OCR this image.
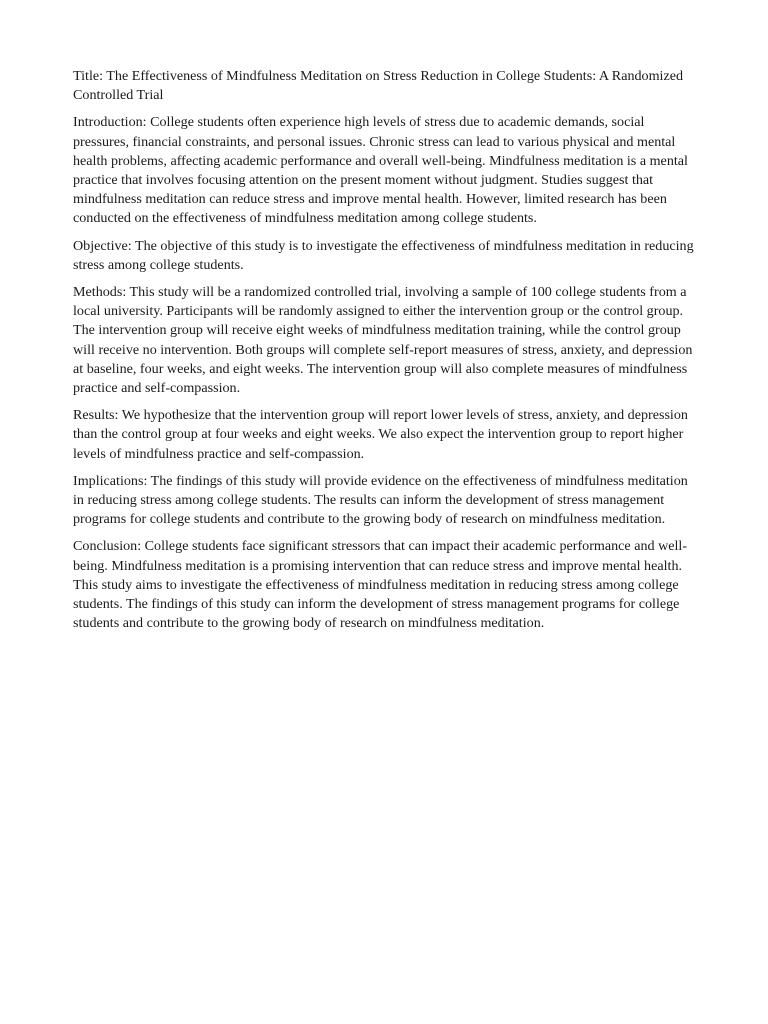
Title: The Effectiveness of Mindfulness Meditation on Stress Reduction in College Students: A Randomized Controlled Trial

Introduction: College students often experience high levels of stress due to academic demands, social pressures, financial constraints, and personal issues. Chronic stress can lead to various physical and mental health problems, affecting academic performance and overall well-being. Mindfulness meditation is a mental practice that involves focusing attention on the present moment without judgment. Studies suggest that mindfulness meditation can reduce stress and improve mental health. However, limited research has been conducted on the effectiveness of mindfulness meditation among college students.

Objective: The objective of this study is to investigate the effectiveness of mindfulness meditation in reducing stress among college students.

Methods: This study will be a randomized controlled trial, involving a sample of 100 college students from a local university. Participants will be randomly assigned to either the intervention group or the control group. The intervention group will receive eight weeks of mindfulness meditation training, while the control group will receive no intervention. Both groups will complete self-report measures of stress, anxiety, and depression at baseline, four weeks, and eight weeks. The intervention group will also complete measures of mindfulness practice and self-compassion.

Results: We hypothesize that the intervention group will report lower levels of stress, anxiety, and depression than the control group at four weeks and eight weeks. We also expect the intervention group to report higher levels of mindfulness practice and self-compassion.

Implications: The findings of this study will provide evidence on the effectiveness of mindfulness meditation in reducing stress among college students. The results can inform the development of stress management programs for college students and contribute to the growing body of research on mindfulness meditation.

Conclusion: College students face significant stressors that can impact their academic performance and well-being. Mindfulness meditation is a promising intervention that can reduce stress and improve mental health. This study aims to investigate the effectiveness of mindfulness meditation in reducing stress among college students. The findings of this study can inform the development of stress management programs for college students and contribute to the growing body of research on mindfulness meditation.
